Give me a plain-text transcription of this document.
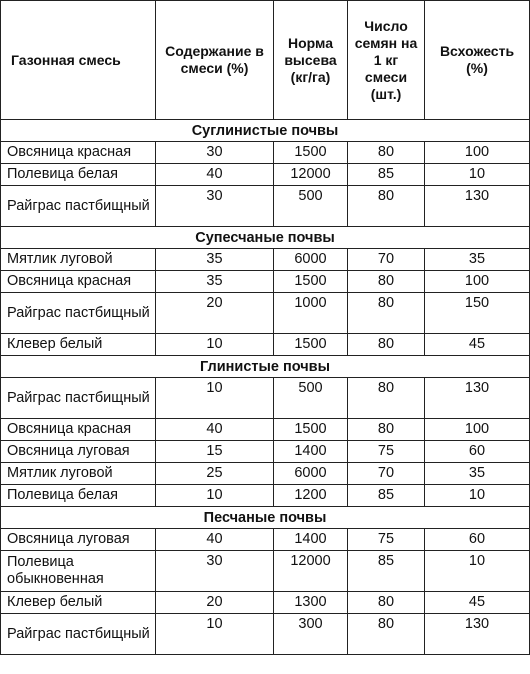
Газонная смесь	Содержание в смеси (%)	Норма высева (кг/га)	Число семян на 1 кг смеси (шт.)	Всхожесть (%)
Суглинистые почвы				
Овсяница красная	30	1500	80	100
Полевица белая	40	12000	85	10
Райграс пастбищный	30	500	80	130
Супесчаные почвы				
Мятлик луговой	35	6000	70	35
Овсяница красная	35	1500	80	100
Райграс пастбищный	20	1000	80	150
Клевер белый	10	1500	80	45
Глинистые почвы				
Райграс пастбищный	10	500	80	130
Овсяница красная	40	1500	80	100
Овсяница луговая	15	1400	75	60
Мятлик луговой	25	6000	70	35
Полевица белая	10	1200	85	10
Песчаные почвы				
Овсяница луговая	40	1400	75	60
Полевица обыкновенная	30	12000	85	10
Клевер белый	20	1300	80	45
Райграс пастбищный	10	300	80	130
